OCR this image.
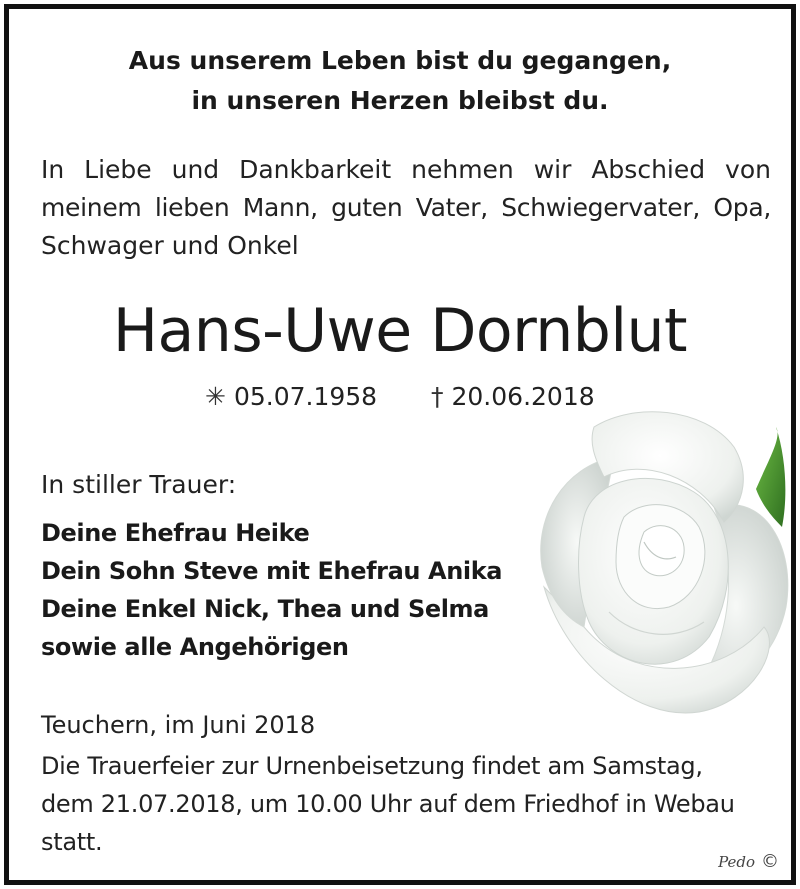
Aus unserem Leben bist du gegangen,
in unseren Herzen bleibst du.
In Liebe und Dankbarkeit nehmen wir Abschied von
meinem lieben Mann, guten Vater, Schwiegervater, Opa,
Schwager und Onkel
Hans-Uwe Dornblut
✳ 05.07.1958 † 20.06.2018
In stiller Trauer:
Deine Ehefrau Heike
Dein Sohn Steve mit Ehefrau Anika
Deine Enkel Nick, Thea und Selma
sowie alle Angehörigen
Teuchern, im Juni 2018
Die Trauerfeier zur Urnenbeisetzung findet am Samstag,
dem 21.07.2018, um 10.00 Uhr auf dem Friedhof in Webau
statt.
Pedo ©
